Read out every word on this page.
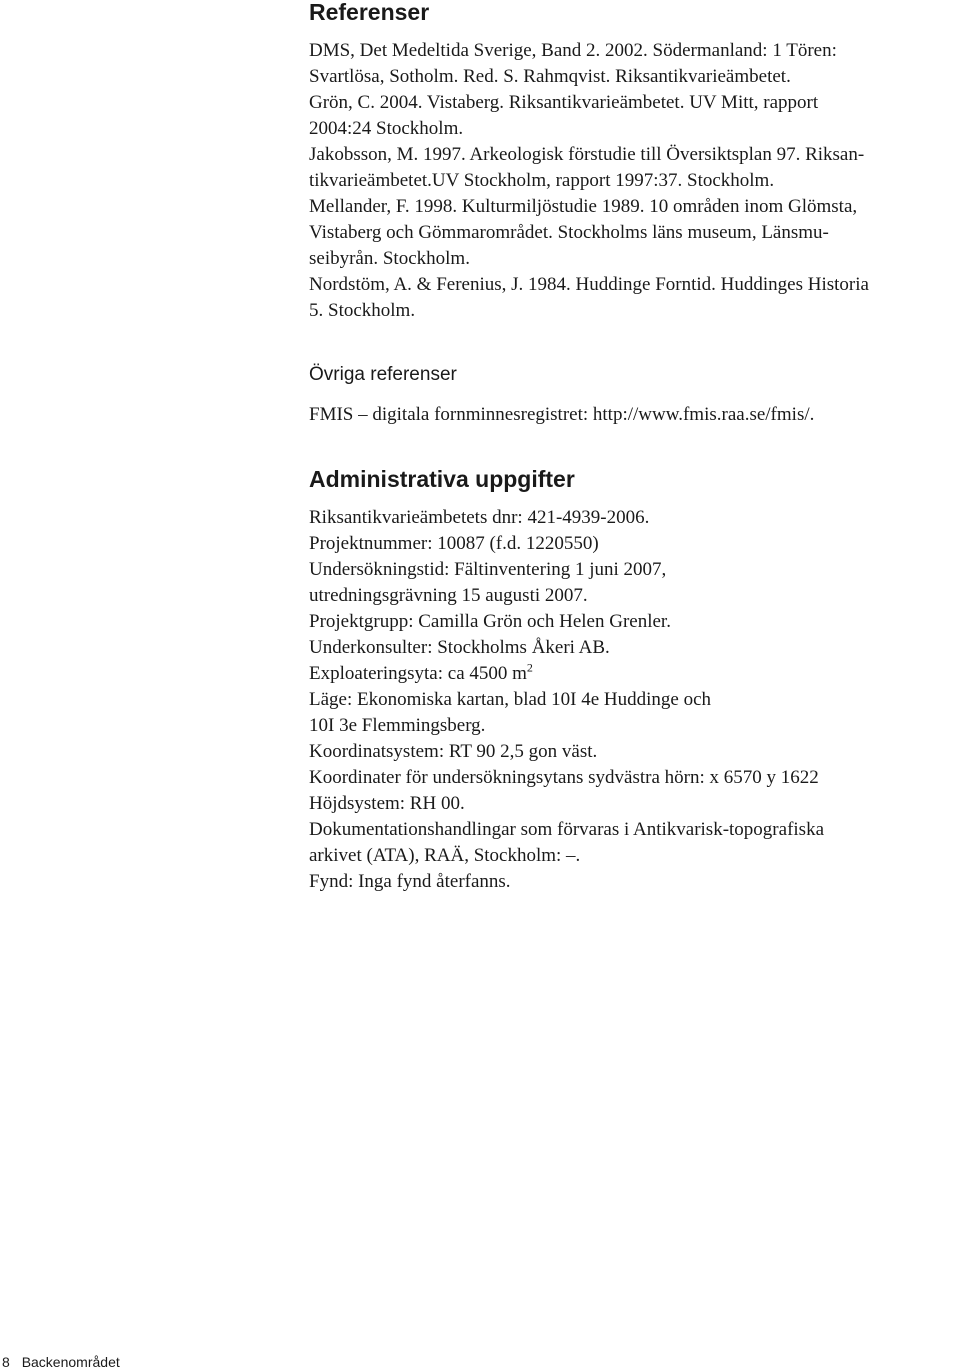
Referenser
DMS, Det Medeltida Sverige, Band 2. 2002. Södermanland: 1 Tören:
Svartlösa, Sotholm. Red. S. Rahmqvist. Riksantikvarieämbetet.
Grön, C. 2004. Vistaberg. Riksantikvarieämbetet. UV Mitt, rapport
2004:24 Stockholm.
Jakobsson, M. 1997. Arkeologisk förstudie till Översiktsplan 97. Riksan-
tikvarieämbetet.UV Stockholm, rapport 1997:37. Stockholm.
Mellander, F. 1998. Kulturmiljöstudie 1989. 10 områden inom Glömsta,
Vistaberg och Gömmarområdet. Stockholms läns museum, Länsmu-
seibyrån. Stockholm.
Nordstöm, A. & Ferenius, J. 1984. Huddinge Forntid. Huddinges Historia
5. Stockholm.
Övriga referenser
FMIS – digitala fornminnesregistret: http://www.fmis.raa.se/fmis/.
Administrativa uppgifter
Riksantikvarieämbetets dnr: 421-4939-2006.
Projektnummer: 10087 (f.d. 1220550)
Undersökningstid: Fältinventering 1 juni 2007,
utredningsgrävning 15 augusti 2007.
Projektgrupp: Camilla Grön och Helen Grenler.
Underkonsulter: Stockholms Åkeri AB.
Exploateringsyta: ca 4500 $m^2$
Läge: Ekonomiska kartan, blad 10I 4e Huddinge och
10I 3e Flemmingsberg.
Koordinatsystem: RT 90 2,5 gon väst.
Koordinater för undersökningsytans sydvästra hörn: x 6570 y 1622
Höjdsystem: RH 00.
Dokumentationshandlingar som förvaras i Antikvarisk-topografiska
arkivet (ATA), RAÄ, Stockholm: –.
Fynd: Inga fynd återfanns.
8 Backenområdet
